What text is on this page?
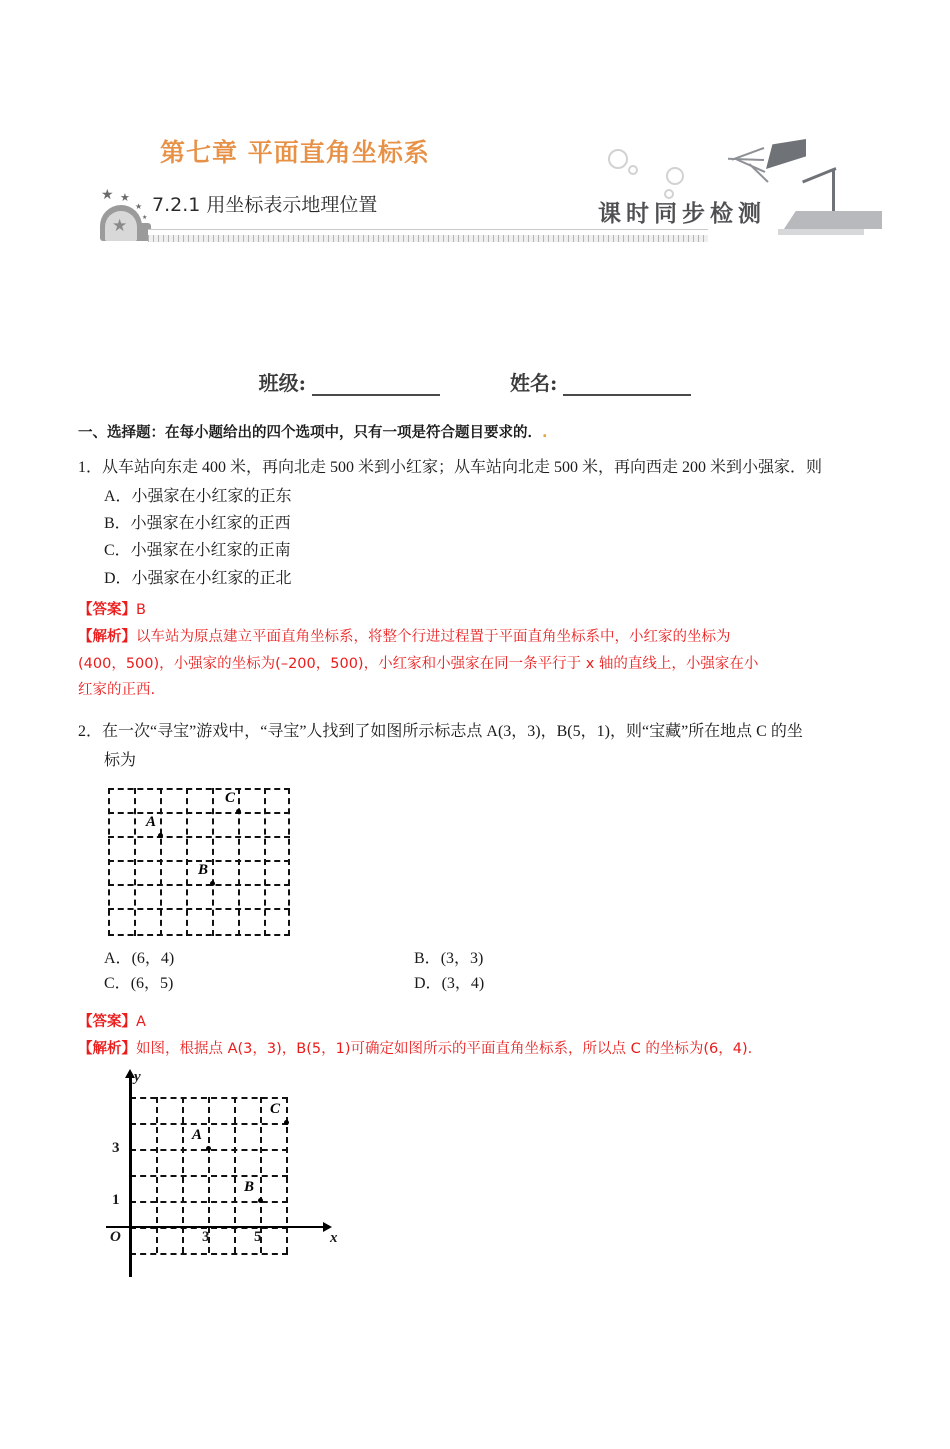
第七章 平面直角坐标系
★
★ ★
★
★
7.2.1 用坐标表示地理位置	课时同步检测
班级:	姓名:
一、选择题：在每小题给出的四个选项中，只有一项是符合题目要求的．.
1．从车站向东走 400 米，再向北走 500 米到小红家；从车站向北走 500 米，再向西走 200 米到小强家．则
A．小强家在小红家的正东
B．小强家在小红家的正西
C．小强家在小红家的正南
D．小强家在小红家的正北

【答案】B

【解析】以车站为原点建立平面直角坐标系，将整个行进过程置于平面直角坐标系中，小红家的坐标为

(400，500)，小强家的坐标为(–200，500)，小红家和小强家在同一条平行于 x 轴的直线上，小强家在小

红家的正西.

2．在一次“寻宝”游戏中，“寻宝”人找到了如图所示标志点 A(3，3)，B(5，1)，则“宝藏”所在地点 C 的坐
标为
A
B
C
A．(6，4)	B．(3，3)
C．(6，5)	D．(3，4)

【答案】A

【解析】如图，根据点 A(3，3)，B(5，1)可确定如图所示的平面直角坐标系，所以点 C 的坐标为(6，4).

x
y
O	3	5
1
3
A
B
C
